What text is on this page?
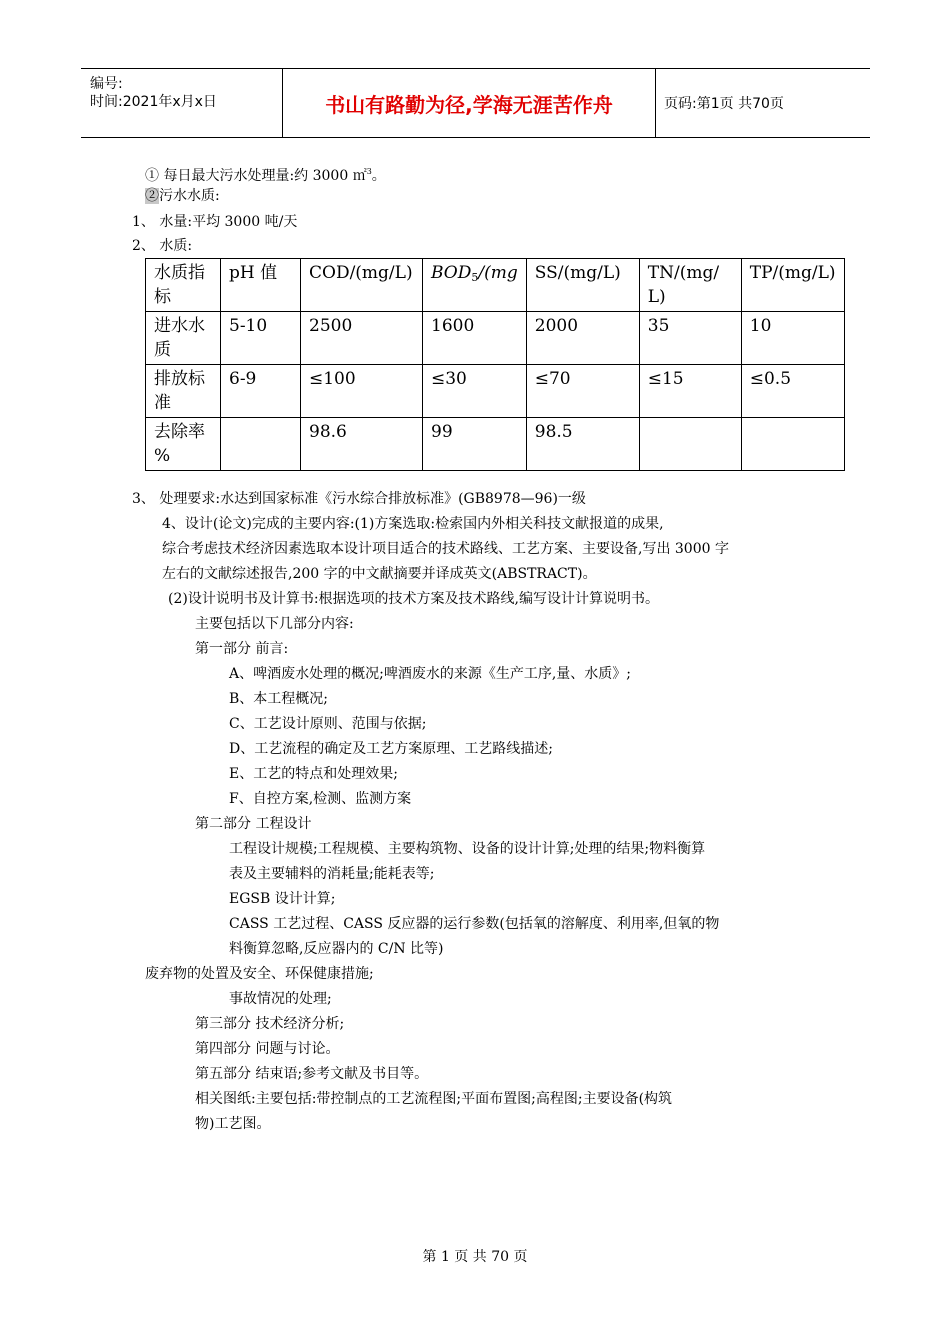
编号:
时间:2021年x月x日	书山有路勤为径,学海无涯苦作舟	页码:第1页 共70页
① 每日最大污水处理量:约 3000 ㎡$^3$。
②污水水质:
1、 水量:平均 3000 吨/天
2、 水质:
水质指
标	pH 值	COD/(mg/L)	$BOD_5/(mg$	SS/(mg/L)	TN/(mg/
L)	TP/(mg/L)
进水水
质	5-10	2500	1600	2000	35	10
排放标
准	6-9	≤100	≤30	≤70	≤15	≤0.5
去除率
%		98.6	99	98.5		
3、 处理要求:水达到国家标准《污水综合排放标准》(GB8978—96)一级
4、设计(论文)完成的主要内容:(1)方案选取:检索国内外相关科技文献报道的成果,
综合考虑技术经济因素选取本设计项目适合的技术路线、工艺方案、主要设备,写出 3000 字
左右的文献综述报告,200 字的中文献摘要并译成英文(ABSTRACT)。
(2)设计说明书及计算书:根据选项的技术方案及技术路线,编写设计计算说明书。
主要包括以下几部分内容:
第一部分 前言:
A、啤酒废水处理的概况;啤酒废水的来源《生产工序,量、水质》;
B、本工程概况;
C、工艺设计原则、范围与依据;
D、工艺流程的确定及工艺方案原理、工艺路线描述;
E、工艺的特点和处理效果;
F、自控方案,检测、监测方案
第二部分 工程设计
工程设计规模;工程规模、主要构筑物、设备的设计计算;处理的结果;物料衡算
表及主要辅料的消耗量;能耗表等;
EGSB 设计计算;
CASS 工艺过程、CASS 反应器的运行参数(包括氧的溶解度、利用率,但氧的物
料衡算忽略,反应器内的 C/N 比等)
废弃物的处置及安全、环保健康措施;
事故情况的处理;
第三部分 技术经济分析;
第四部分 问题与讨论。
第五部分 结束语;参考文献及书目等。
相关图纸:主要包括:带控制点的工艺流程图;平面布置图;高程图;主要设备(构筑
物)工艺图。
第 1 页 共 70 页
